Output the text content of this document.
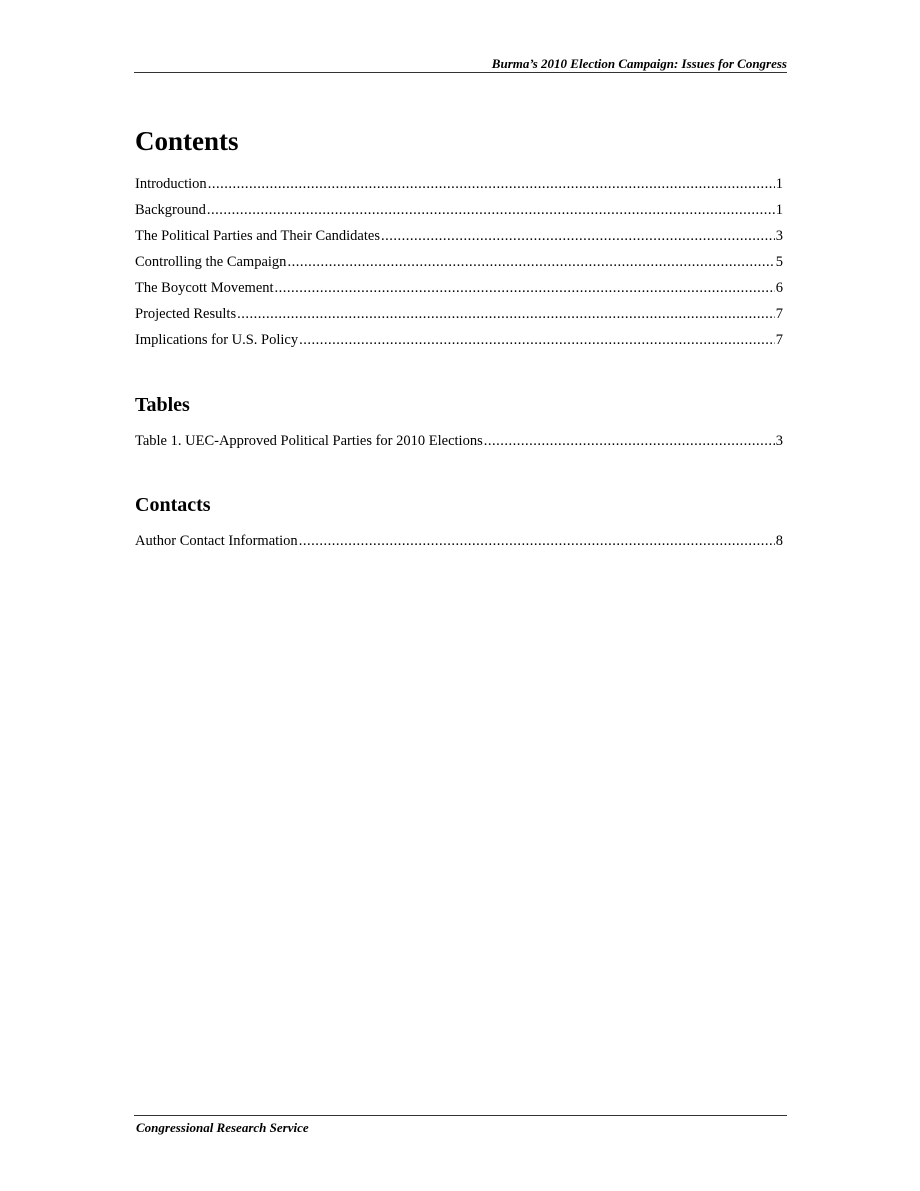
Burma’s 2010 Election Campaign: Issues for Congress
Contents
Introduction .....	1
Background .....	1
The Political Parties and Their Candidates .....	3
Controlling the Campaign .....	5
The Boycott Movement .....	6
Projected Results .....	7
Implications for U.S. Policy .....	7
Tables
Table 1. UEC-Approved Political Parties for 2010 Elections .....	3
Contacts
Author Contact Information .....	8
Congressional Research Service
